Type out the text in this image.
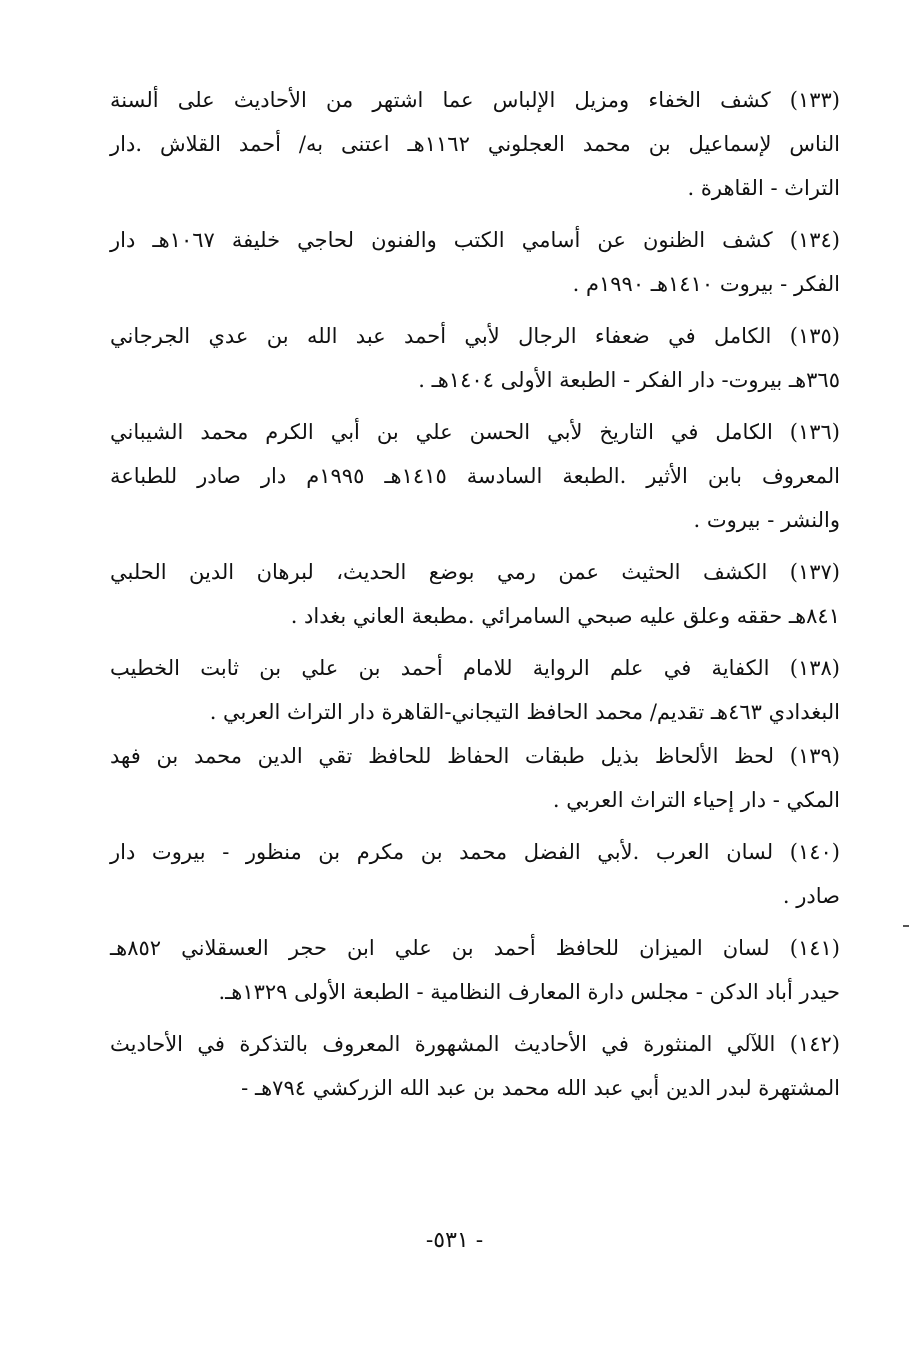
(١٣٣) كشف الخفاء ومزيل الإلباس عما اشتهر من الأحاديث على ألسنة
الناس لإسماعيل بن محمد العجلوني ١١٦٢هـ اعتنى به/ أحمد القلاش .دار
التراث - القاهرة .
(١٣٤) كشف الظنون عن أسامي الكتب والفنون لحاجي خليفة ١٠٦٧هـ دار
الفكر - بيروت ١٤١٠هـ ١٩٩٠م .
(١٣٥) الكامل في ضعفاء الرجال لأبي أحمد عبد الله بن عدي الجرجاني
٣٦٥هـ بيروت- دار الفكر - الطبعة الأولى ١٤٠٤هـ .
(١٣٦) الكامل في التاريخ لأبي الحسن علي بن أبي الكرم محمد الشيباني
المعروف بابن الأثير .الطبعة السادسة ١٤١٥هـ ١٩٩٥م دار صادر للطباعة
والنشر - بيروت .
(١٣٧) الكشف الحثيث عمن رمي بوضع الحديث، لبرهان الدين الحلبي
٨٤١هـ حققه وعلق عليه صبحي السامرائي .مطبعة العاني بغداد .
(١٣٨) الكفاية في علم الرواية للامام أحمد بن علي بن ثابت الخطيب
البغدادي ٤٦٣هـ تقديم/ محمد الحافظ التيجاني-القاهرة دار التراث العربي .
(١٣٩) لحظ الألحاظ بذيل طبقات الحفاظ للحافظ تقي الدين محمد بن فهد
المكي - دار إحياء التراث العربي .
(١٤٠) لسان العرب .لأبي الفضل محمد بن مكرم بن منظور - بيروت دار
صادر .
(١٤١) لسان الميزان للحافظ أحمد بن علي ابن حجر العسقلاني ٨٥٢هـ
حيدر أباد الدكن - مجلس دارة المعارف النظامية - الطبعة الأولى ١٣٢٩هـ.
(١٤٢) اللآلي المنثورة في الأحاديث المشهورة المعروف بالتذكرة في الأحاديث
المشتهرة لبدر الدين أبي عبد الله محمد بن عبد الله الزركشي ٧٩٤هـ -
- ٥٣١-
